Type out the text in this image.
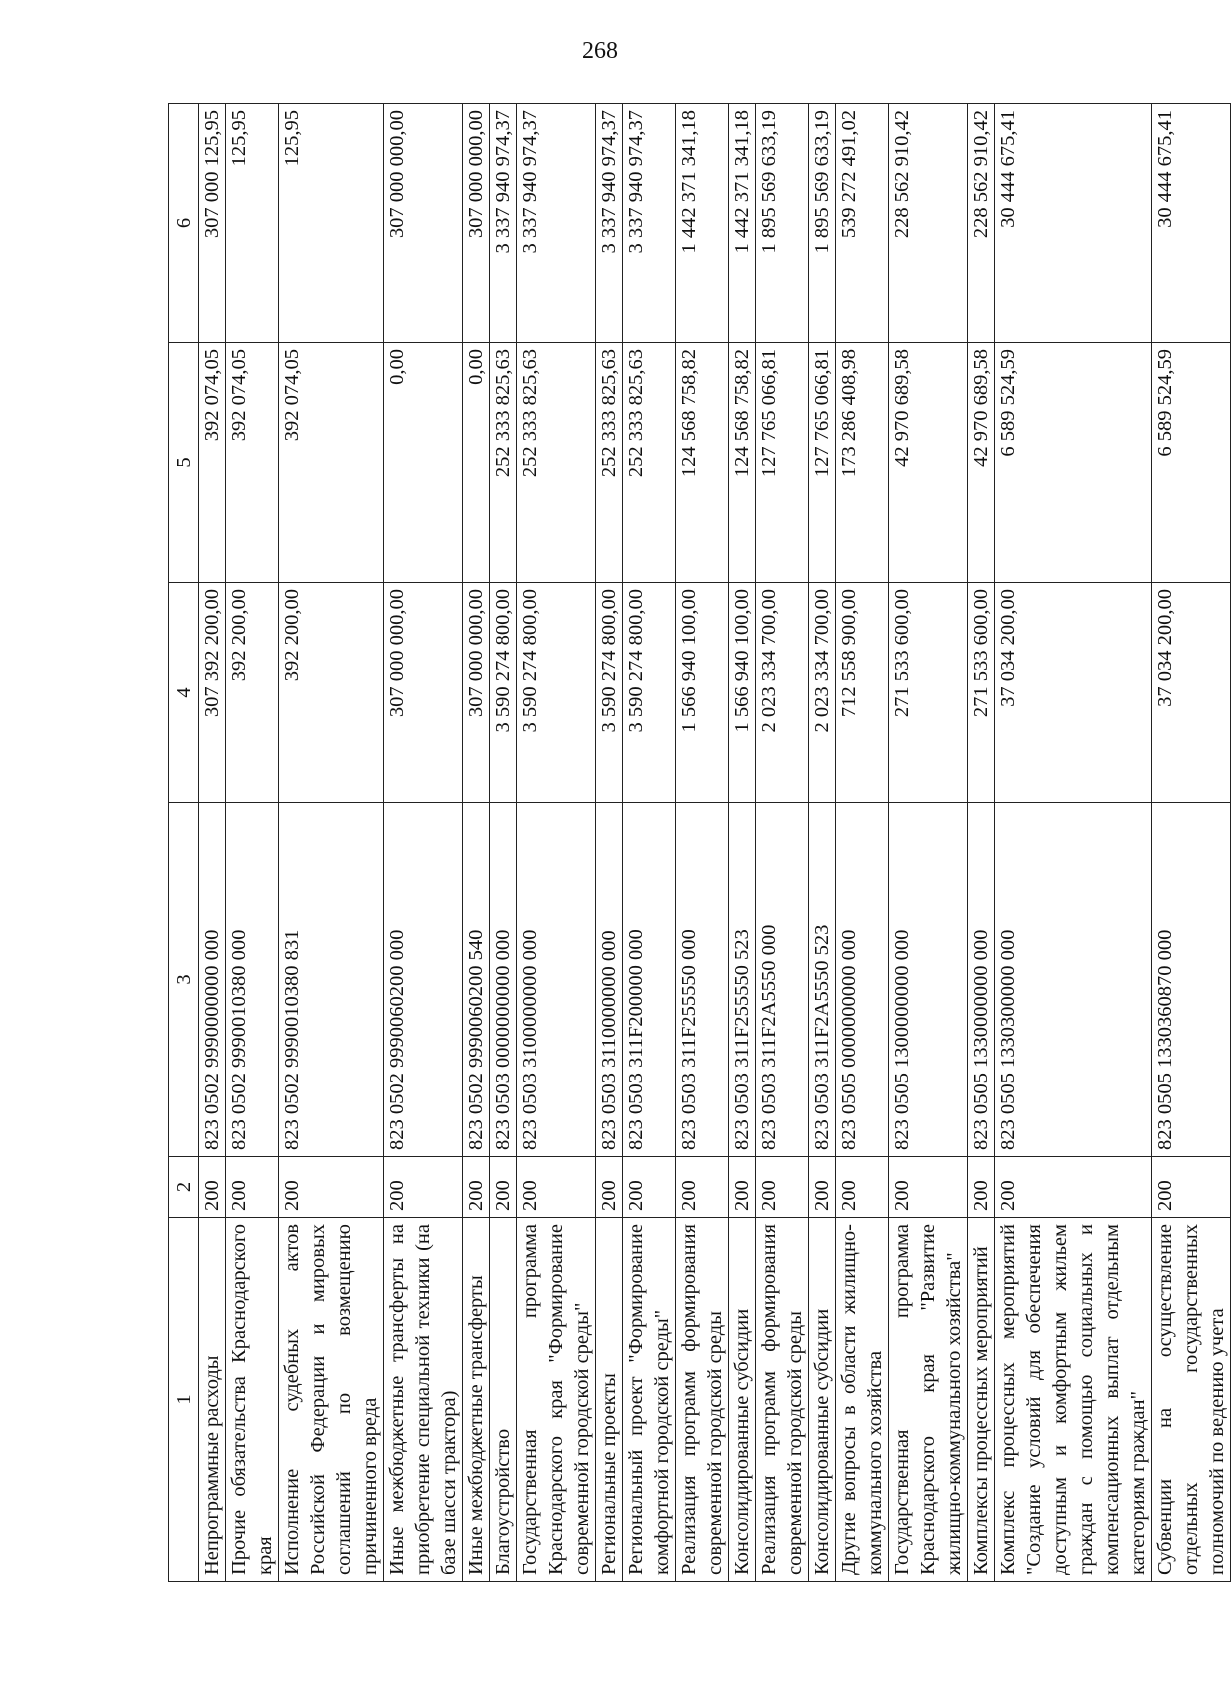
268
1	2	3	4	5	6
Непрограммные расходы	200	823 0502 9990000000 000	307 392 200,00	392 074,05	307 000 125,95
Прочие обязательства Краснодарского края	200	823 0502 9990010380 000	392 200,00	392 074,05	125,95
Исполнение судебных актов Российской Федерации и мировых соглашений по возмещению причиненного вреда	200	823 0502 9990010380 831	392 200,00	392 074,05	125,95
Иные межбюджетные трансферты на приобретение специальной техники (на базе шасси трактора)	200	823 0502 9990060200 000	307 000 000,00	0,00	307 000 000,00
Иные межбюджетные трансферты	200	823 0502 9990060200 540	307 000 000,00	0,00	307 000 000,00
Благоустройство	200	823 0503 0000000000 000	3 590 274 800,00	252 333 825,63	3 337 940 974,37
Государственная программа Краснодарского края "Формирование современной городской среды"	200	823 0503 3100000000 000	3 590 274 800,00	252 333 825,63	3 337 940 974,37
Региональные проекты	200	823 0503 3110000000 000	3 590 274 800,00	252 333 825,63	3 337 940 974,37
Региональный проект "Формирование комфортной городской среды"	200	823 0503 311F200000 000	3 590 274 800,00	252 333 825,63	3 337 940 974,37
Реализация программ формирования современной городской среды	200	823 0503 311F255550 000	1 566 940 100,00	124 568 758,82	1 442 371 341,18
Консолидированные субсидии	200	823 0503 311F255550 523	1 566 940 100,00	124 568 758,82	1 442 371 341,18
Реализация программ формирования современной городской среды	200	823 0503 311F2A5550 000	2 023 334 700,00	127 765 066,81	1 895 569 633,19
Консолидированные субсидии	200	823 0503 311F2A5550 523	2 023 334 700,00	127 765 066,81	1 895 569 633,19
Другие вопросы в области жилищно-коммунального хозяйства	200	823 0505 0000000000 000	712 558 900,00	173 286 408,98	539 272 491,02
Государственная программа Краснодарского края "Развитие жилищно-коммунального хозяйства"	200	823 0505 1300000000 000	271 533 600,00	42 970 689,58	228 562 910,42
Комплексы процессных мероприятий	200	823 0505 1330000000 000	271 533 600,00	42 970 689,58	228 562 910,42
Комплекс процессных мероприятий "Создание условий для обеспечения доступным и комфортным жильем граждан с помощью социальных и компенсационных выплат отдельным категориям граждан"	200	823 0505 1330300000 000	37 034 200,00	6 589 524,59	30 444 675,41
Субвенции на осуществление отдельных государственных полномочий по ведению учета	200	823 0505 1330360870 000	37 034 200,00	6 589 524,59	30 444 675,41
